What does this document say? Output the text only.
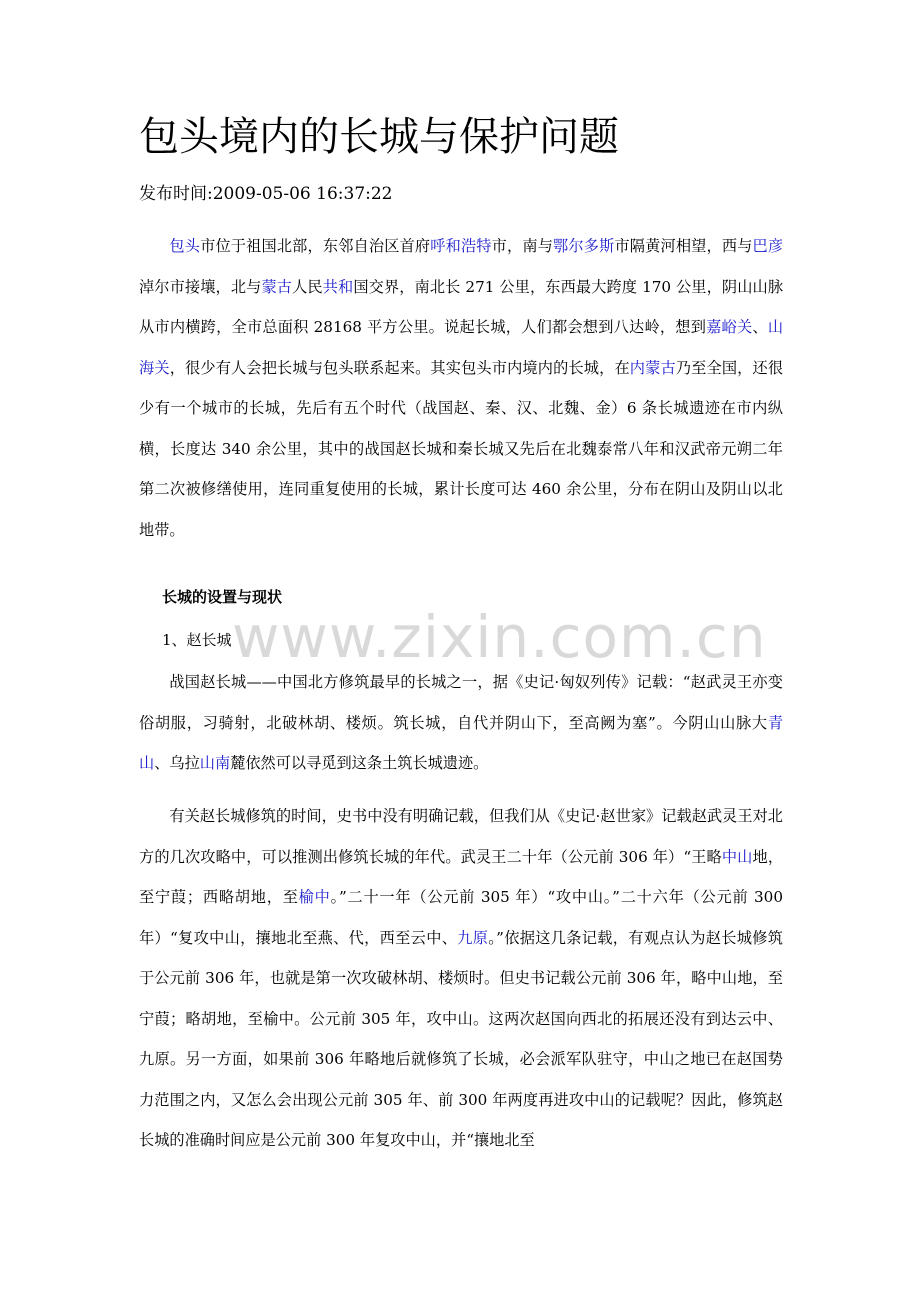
包头境内的长城与保护问题
发布时间:2009-05-06 16:37:22

包头市位于祖国北部，东邻自治区首府呼和浩特市，南与鄂尔多斯市隔黄河相望，西与巴彦淖尔市接壤，北与蒙古人民共和国交界，南北长 271 公里，东西最大跨度 170 公里，阴山山脉从市内横跨，全市总面积 28168 平方公里。说起长城，人们都会想到八达岭，想到嘉峪关、山海关，很少有人会把长城与包头联系起来。其实包头市内境内的长城，在内蒙古乃至全国，还很少有一个城市的长城，先后有五个时代（战国赵、秦、汉、北魏、金）6 条长城遗迹在市内纵横，长度达 340 余公里，其中的战国赵长城和秦长城又先后在北魏泰常八年和汉武帝元朔二年第二次被修缮使用，连同重复使用的长城，累计长度可达 460 余公里，分布在阴山及阴山以北地带。

长城的设置与现状
1、赵长城

战国赵长城——中国北方修筑最早的长城之一，据《史记·匈奴列传》记载：“赵武灵王亦变俗胡服，习骑射，北破林胡、楼烦。筑长城，自代并阴山下，至高阙为塞”。今阴山山脉大青山、乌拉山南麓依然可以寻觅到这条土筑长城遗迹。

有关赵长城修筑的时间，史书中没有明确记载，但我们从《史记·赵世家》记载赵武灵王对北方的几次攻略中，可以推测出修筑长城的年代。武灵王二十年（公元前 306 年）“王略中山地，至宁葭；西略胡地，至榆中。”二十一年（公元前 305 年）“攻中山。”二十六年（公元前 300 年）“复攻中山，攘地北至燕、代，西至云中、九原。”依据这几条记载，有观点认为赵长城修筑于公元前 306 年，也就是第一次攻破林胡、楼烦时。但史书记载公元前 306 年，略中山地，至宁葭；略胡地，至榆中。公元前 305 年，攻中山。这两次赵国向西北的拓展还没有到达云中、九原。另一方面，如果前 306 年略地后就修筑了长城，必会派军队驻守，中山之地已在赵国势力范围之内，又怎么会出现公元前 305 年、前 300 年两度再进攻中山的记载呢？因此，修筑赵长城的准确时间应是公元前 300 年复攻中山，并“攘地北至

www.zixin.com.cn
